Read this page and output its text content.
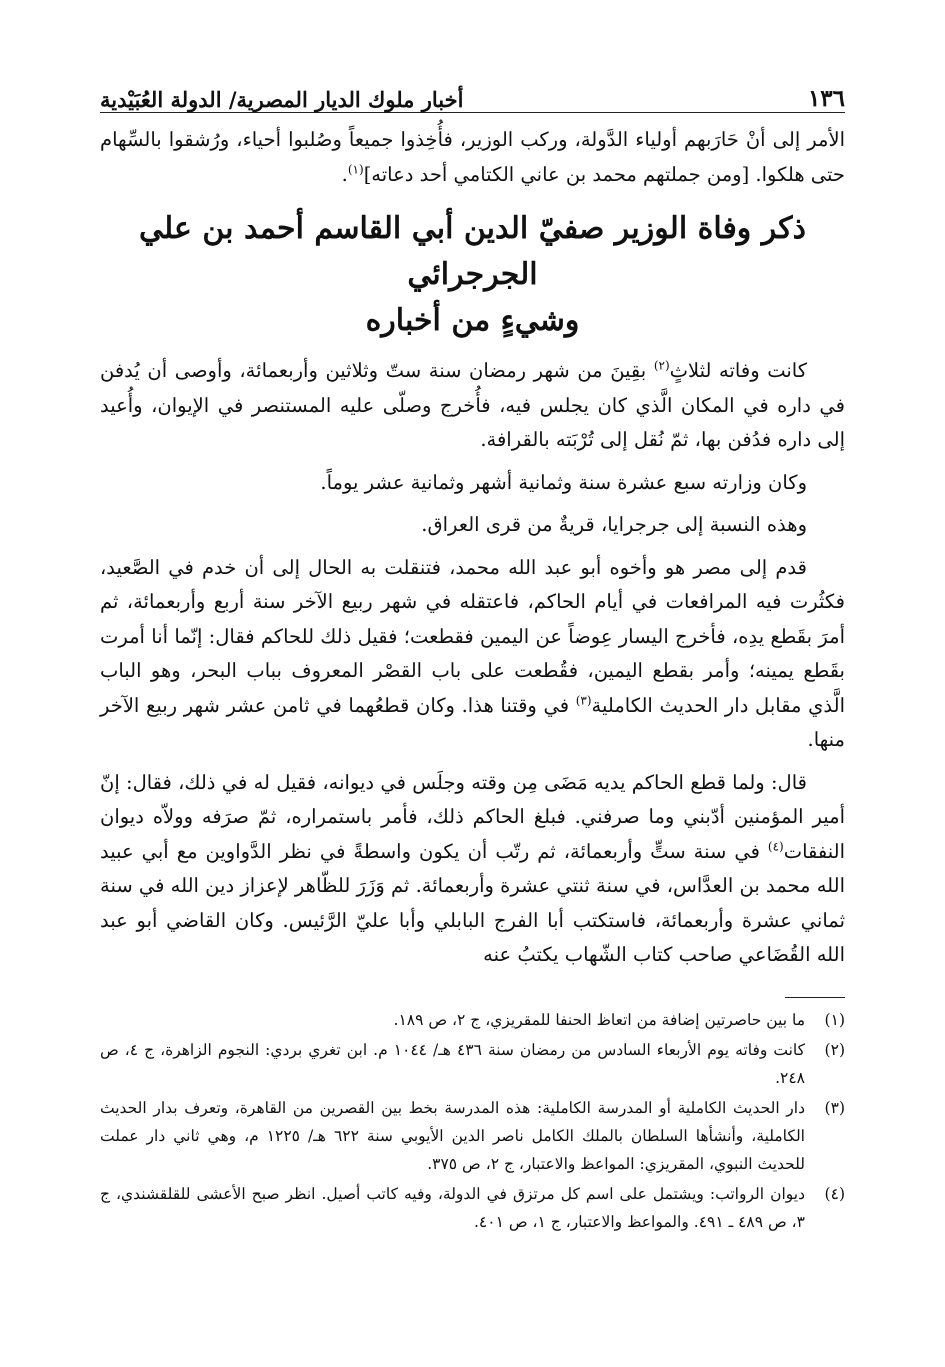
١٣٦
أخبار ملوك الديار المصرية/ الدولة العُبَيْدية

الأمر إلى أنْ حَارَبهم أولياء الدَّولة، وركب الوزير، فأُخِذوا جميعاً وصُلبوا أحياء، ورُشقوا بالسِّهام حتى هلكوا. [ومن جملتهم محمد بن عاني الكتامي أحد دعاته]$^{(١)}$.

ذكر وفاة الوزير صفيّ الدين أبي القاسم أحمد بن علي الجرجرائي
وشيءٍ من أخباره

كانت وفاته لثلاثٍ$^{(٢)}$ بقِينَ من شهر رمضان سنة ستّ وثلاثين وأربعمائة، وأوصى أن يُدفن في داره في المكان الَّذي كان يجلس فيه، فأُخرج وصلّى عليه المستنصر في الإيوان، وأُعيد إلى داره فدُفن بها، ثمّ نُقل إلى تُرْبَته بالقرافة.

وكان وزارته سبع عشرة سنة وثمانية أشهر وثمانية عشر يوماً.

وهذه النسبة إلى جرجرايا، قريةٌ من قرى العراق.

قدم إلى مصر هو وأخوه أبو عبد الله محمد، فتنقلت به الحال إلى أن خدم في الصَّعيد، فكثُرت فيه المرافعات في أيام الحاكم، فاعتقله في شهر ربيع الآخر سنة أربع وأربعمائة، ثم أمرَ بقَطع يدِه، فأخرج اليسار عِوضاً عن اليمين فقطعت؛ فقيل ذلك للحاكم فقال: إنّما أنا أمرت بقَطع يمينه؛ وأمر بقطع اليمين، فقُطعت على باب القصْر المعروف بباب البحر، وهو الباب الَّذي مقابل دار الحديث الكاملية$^{(٣)}$ في وقتنا هذا. وكان قطعُهما في ثامن عشر شهر ربيع الآخر منها.

قال: ولما قطع الحاكم يديه مَضَى مِن وقته وجلَس في ديوانه، فقيل له في ذلك، فقال: إنّ أمير المؤمنين أدّبني وما صرفني. فبلغ الحاكم ذلك، فأمر باستمراره، ثمّ صرَفه وولاّه ديوان النفقات$^{(٤)}$ في سنة ستٍّ وأربعمائة، ثم رتّب أن يكون واسطةً في نظر الدَّواوين مع أبي عبيد الله محمد بن العدَّاس، في سنة ثنتي عشرة وأربعمائة. ثم وَزَرَ للظّاهر لإعزاز دين الله في سنة ثماني عشرة وأربعمائة، فاستكتب أبا الفرج البابلي وأبا عليّ الرَّئيس. وكان القاضي أبو عبد الله القُضَاعي صاحب كتاب الشّهاب يكتبُ عنه

(١)
ما بين حاصرتين إضافة من اتعاظ الحنفا للمقريزي، ج ٢، ص ١٨٩.
(٢)
كانت وفاته يوم الأربعاء السادس من رمضان سنة ٤٣٦ هـ/ ١٠٤٤ م. ابن تغري بردي: النجوم الزاهرة، ج ٤، ص ٢٤٨.
(٣)
دار الحديث الكاملية أو المدرسة الكاملية: هذه المدرسة بخط بين القصرين من القاهرة، وتعرف بدار الحديث الكاملية، وأنشأها السلطان بالملك الكامل ناصر الدين الأيوبي سنة ٦٢٢ هـ/ ١٢٢٥ م، وهي ثاني دار عملت للحديث النبوي، المقريزي: المواعظ والاعتبار، ج ٢، ص ٣٧٥.
(٤)
ديوان الرواتب: ويشتمل على اسم كل مرتزق في الدولة، وفيه كاتب أصيل. انظر صبح الأعشى للقلقشندي، ج ٣، ص ٤٨٩ ـ ٤٩١. والمواعظ والاعتبار، ج ١، ص ٤٠١.
